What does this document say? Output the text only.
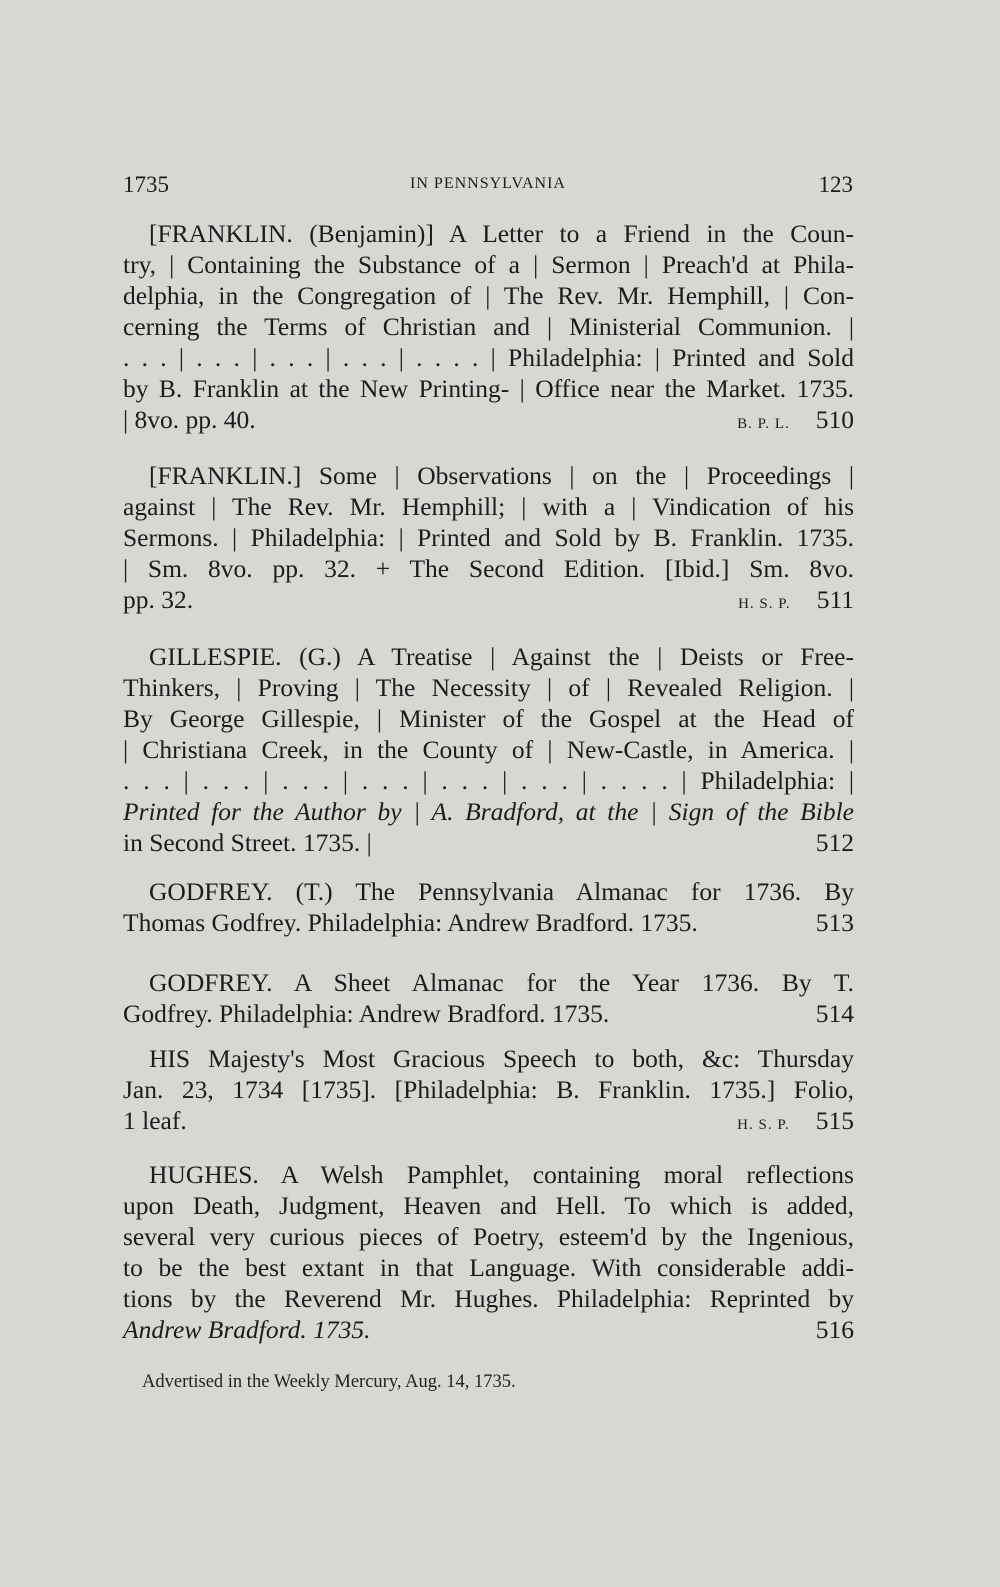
1735	IN PENNSYLVANIA	123
[FRANKLIN. (Benjamin)] A Letter to a Friend in the Coun-
try, | Containing the Substance of a | Sermon | Preach'd at Phila-
delphia, in the Congregation of | The Rev. Mr. Hemphill, | Con-
cerning the Terms of Christian and | Ministerial Communion. |
. . . | . . . | . . . | . . . | . . . . | Philadelphia: | Printed and Sold
by B. Franklin at the New Printing- | Office near the Market. 1735.
| 8vo. pp. 40.	B. P. L. 510
[FRANKLIN.] Some | Observations | on the | Proceedings |
against | The Rev. Mr. Hemphill; | with a | Vindication of his
Sermons. | Philadelphia: | Printed and Sold by B. Franklin. 1735.
| Sm. 8vo. pp. 32. + The Second Edition. [Ibid.] Sm. 8vo.
pp. 32.	H. S. P. 511
GILLESPIE. (G.) A Treatise | Against the | Deists or Free-
Thinkers, | Proving | The Necessity | of | Revealed Religion. |
By George Gillespie, | Minister of the Gospel at the Head of
| Christiana Creek, in the County of | New-Castle, in America. |
. . . | . . . | . . . | . . . | . . . | . . . | . . . . | Philadelphia: |
Printed for the Author by | A. Bradford, at the | Sign of the Bible
in Second Street. 1735. |	512
GODFREY. (T.) The Pennsylvania Almanac for 1736. By
Thomas Godfrey. Philadelphia: Andrew Bradford. 1735.	513
GODFREY. A Sheet Almanac for the Year 1736. By T.
Godfrey. Philadelphia: Andrew Bradford. 1735.	514
HIS Majesty's Most Gracious Speech to both, &c: Thursday
Jan. 23, 1734 [1735]. [Philadelphia: B. Franklin. 1735.] Folio,
1 leaf.	H. S. P. 515
HUGHES. A Welsh Pamphlet, containing moral reflections
upon Death, Judgment, Heaven and Hell. To which is added,
several very curious pieces of Poetry, esteem'd by the Ingenious,
to be the best extant in that Language. With considerable addi-
tions by the Reverend Mr. Hughes. Philadelphia: Reprinted by
Andrew Bradford. 1735.	516
Advertised in the Weekly Mercury, Aug. 14, 1735.
